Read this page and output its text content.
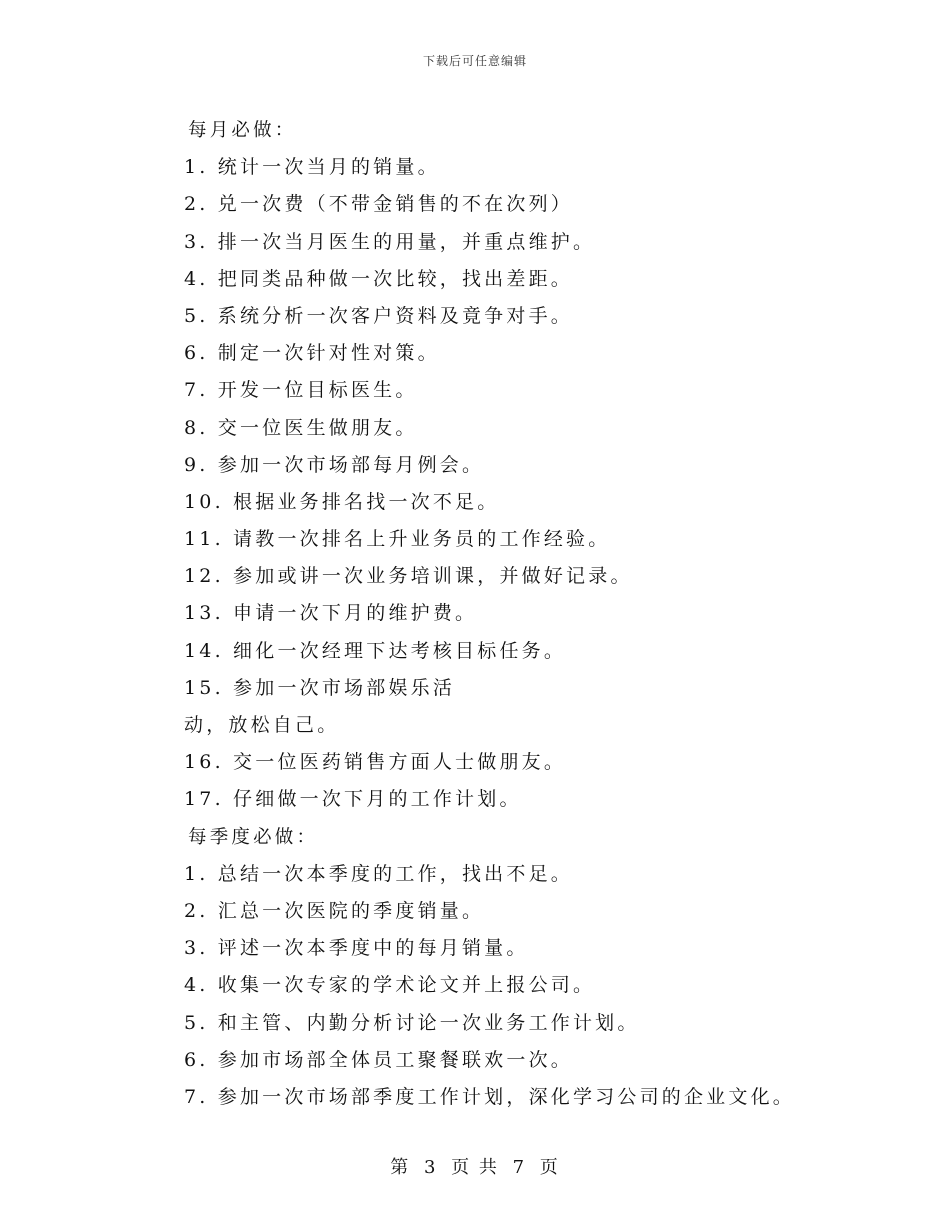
下载后可任意编辑
每月必做：
1. 统计一次当月的销量。
2. 兑一次费（不带金销售的不在次列）
3. 排一次当月医生的用量，并重点维护。
4. 把同类品种做一次比较，找出差距。
5. 系统分析一次客户资料及竟争对手。
6. 制定一次针对性对策。
7. 开发一位目标医生。
8. 交一位医生做朋友。
9. 参加一次市场部每月例会。
10. 根据业务排名找一次不足。
11. 请教一次排名上升业务员的工作经验。
12. 参加或讲一次业务培训课，并做好记录。
13. 申请一次下月的维护费。
14. 细化一次经理下达考核目标任务。
15. 参加一次市场部娱乐活
动，放松自己。
16. 交一位医药销售方面人士做朋友。
17. 仔细做一次下月的工作计划。
每季度必做：
1. 总结一次本季度的工作，找出不足。
2. 汇总一次医院的季度销量。
3. 评述一次本季度中的每月销量。
4. 收集一次专家的学术论文并上报公司。
5. 和主管、内勤分析讨论一次业务工作计划。
6. 参加市场部全体员工聚餐联欢一次。
7. 参加一次市场部季度工作计划，深化学习公司的企业文化。
第 3 页 共 7 页
